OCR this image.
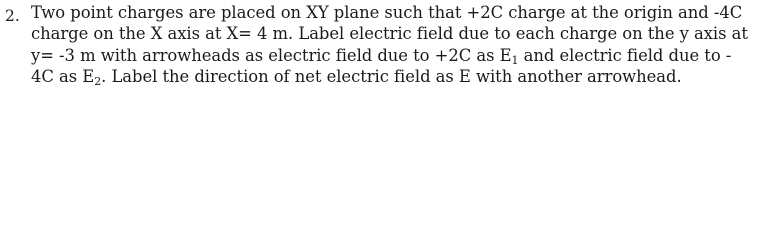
2. Two point charges are placed on XY plane such that +2C charge at the origin and -4C
charge on the X axis at X= 4 m. Label electric field due to each charge on the y axis at
y= -3 m with arrowheads as electric field due to +2C as $E_1$ and electric field due to -
4C as $E_2$. Label the direction of net electric field as E with another arrowhead.
